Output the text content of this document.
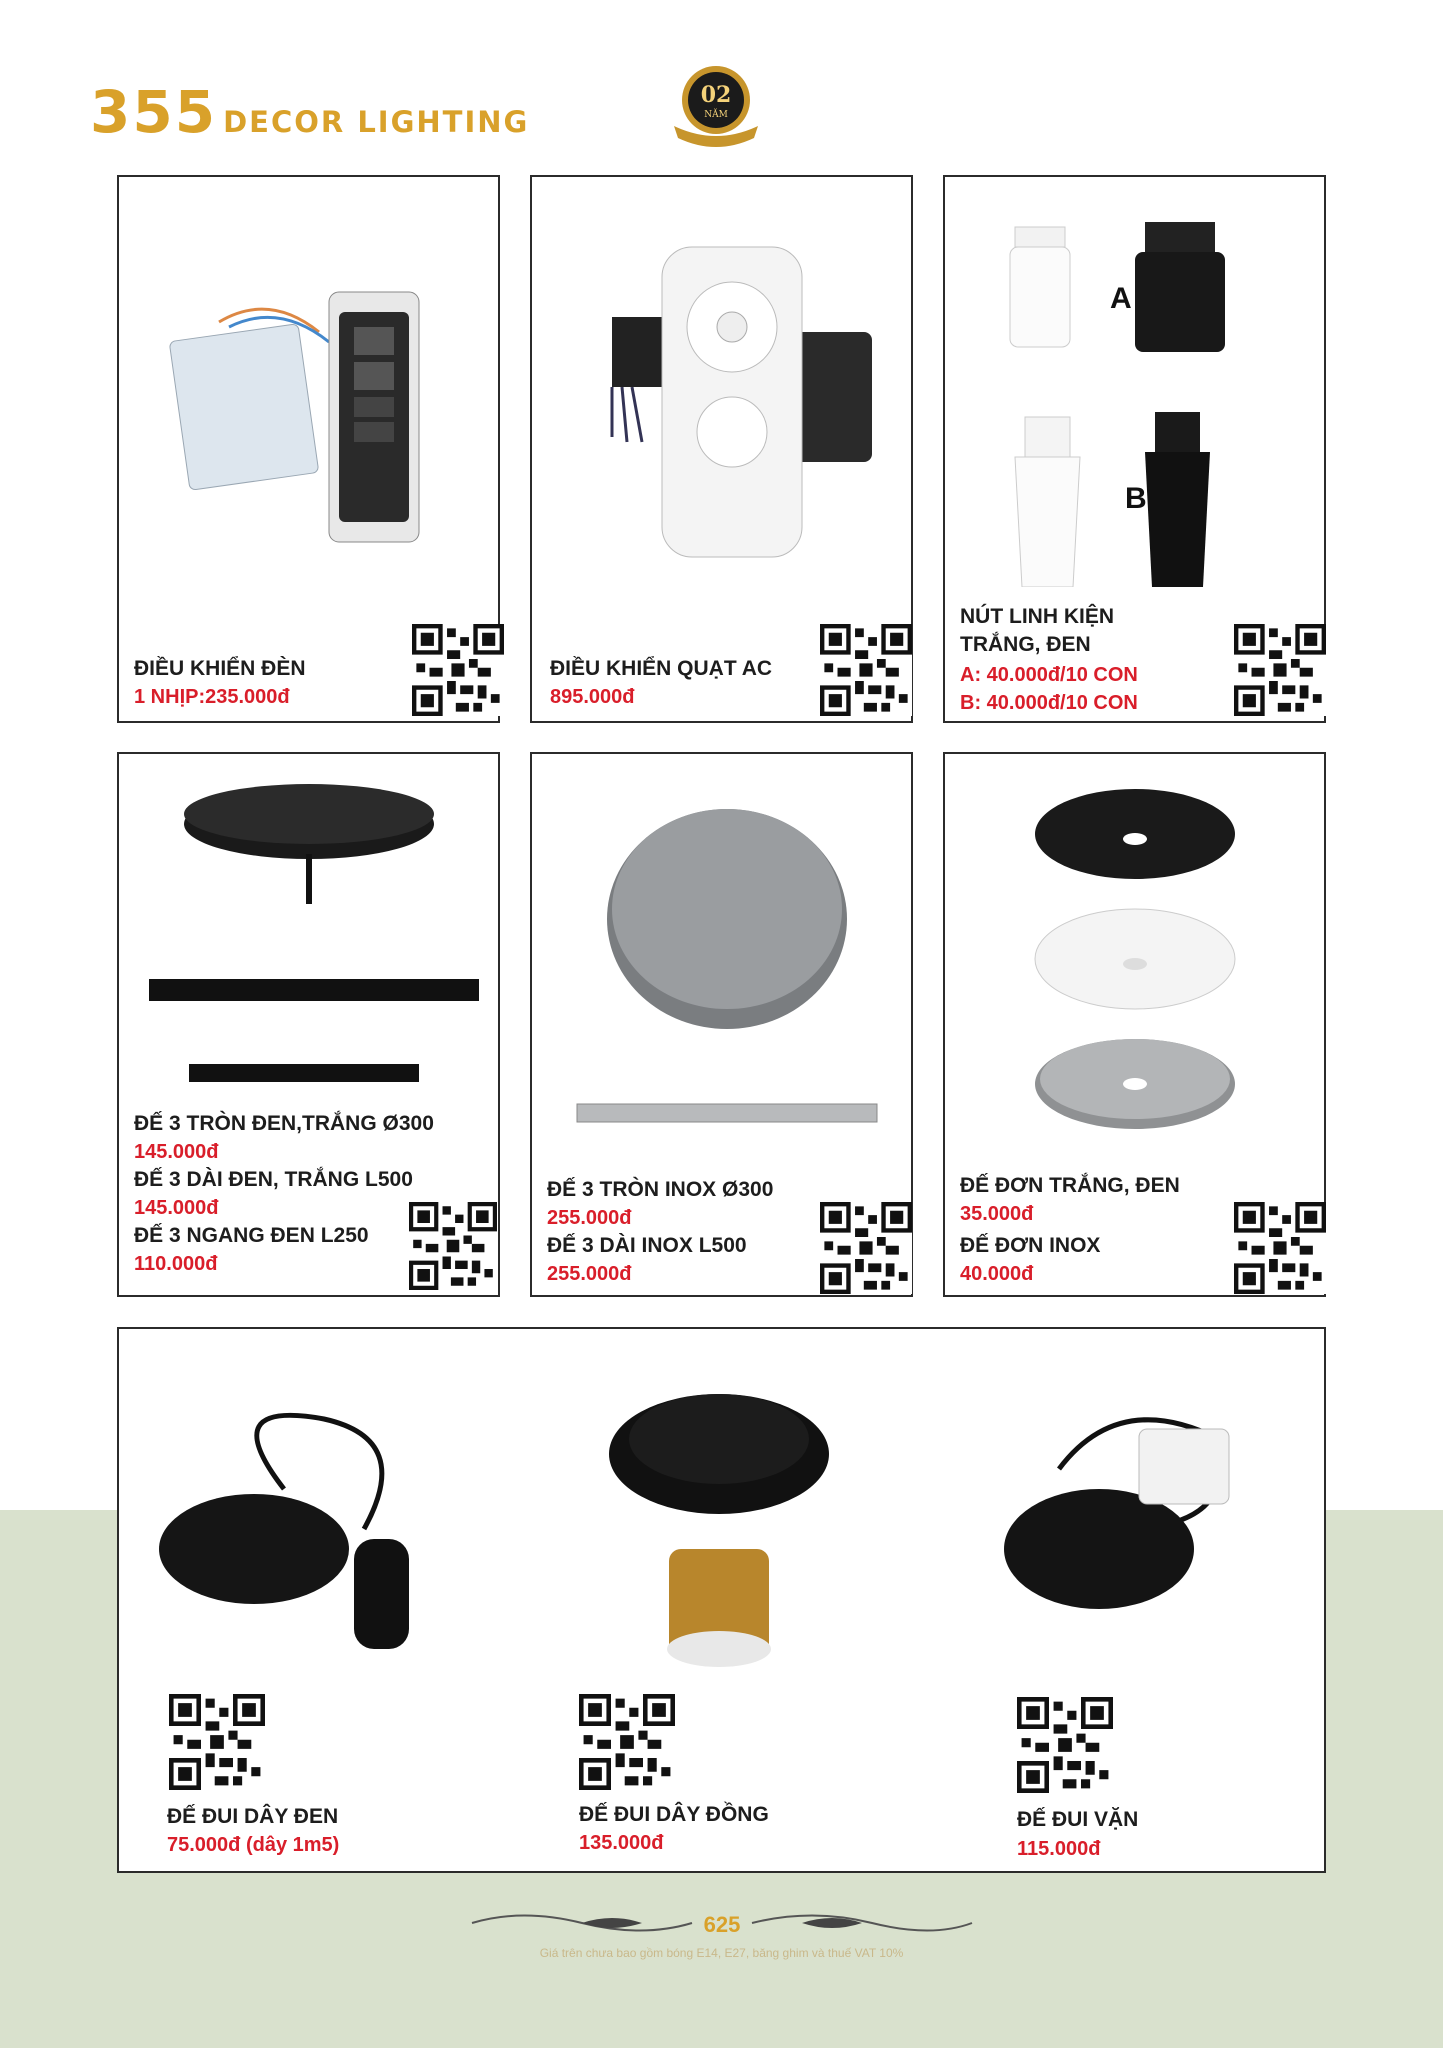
355 DECOR LIGHTING
02
NĂM
ĐIỀU KHIỂN ĐÈN
1 NHỊP:235.000đ
ĐIỀU KHIỂN QUẠT AC
895.000đ
A
B
NÚT LINH KIỆN
TRẮNG, ĐEN
A: 40.000đ/10 CON
B: 40.000đ/10 CON
ĐẾ 3 TRÒN ĐEN,TRẮNG Ø300
145.000đ
ĐẾ 3 DÀI ĐEN, TRẮNG L500
145.000đ
ĐẾ 3 NGANG ĐEN L250
110.000đ
ĐẾ 3 TRÒN INOX Ø300
255.000đ
ĐẾ 3 DÀI INOX L500
255.000đ
ĐẾ ĐƠN TRẮNG, ĐEN
35.000đ
ĐẾ ĐƠN INOX
40.000đ
ĐẾ ĐUI DÂY ĐEN
75.000đ (dây 1m5)
ĐẾ ĐUI DÂY ĐỒNG
135.000đ
ĐẾ ĐUI VẶN
115.000đ
625
Giá trên chưa bao gồm bóng E14, E27, băng ghim và thuế VAT 10%
